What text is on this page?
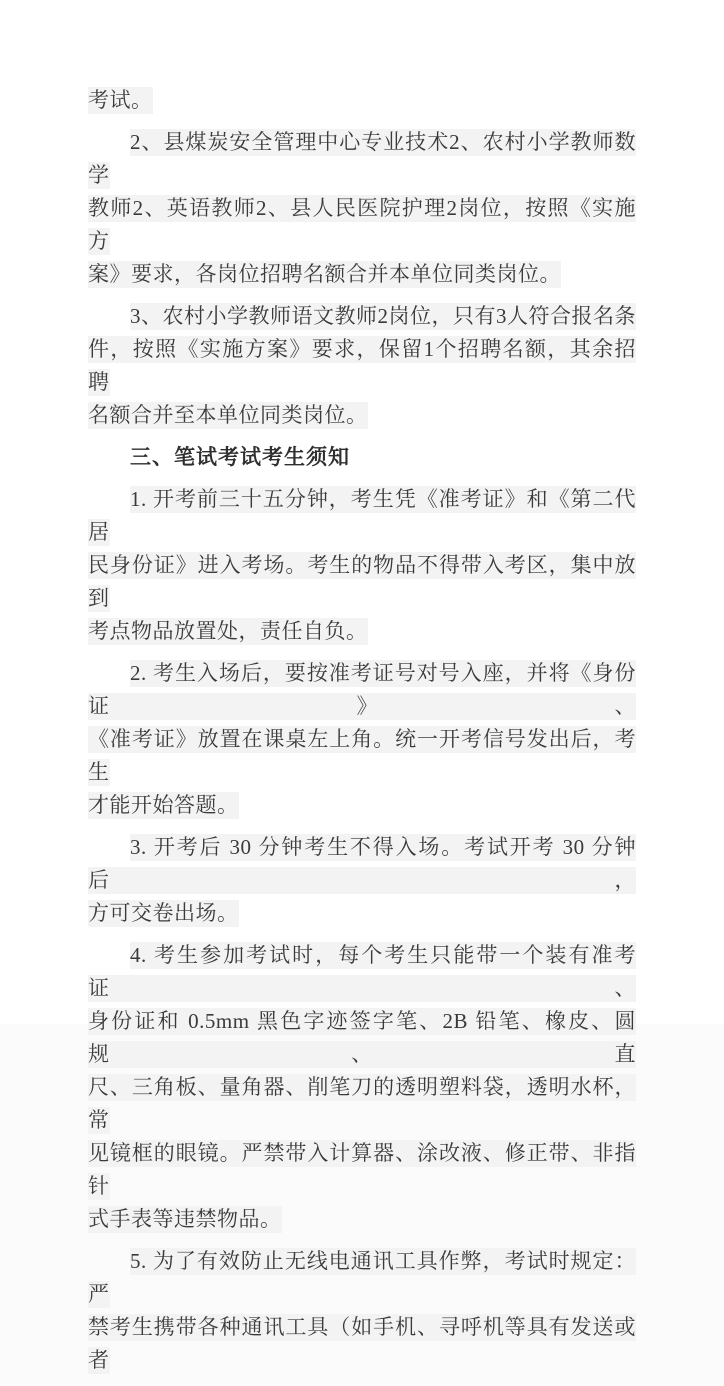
考试。
2、县煤炭安全管理中心专业技术2、农村小学教师数学
教师2、英语教师2、县人民医院护理2岗位，按照《实施方
案》要求，各岗位招聘名额合并本单位同类岗位。
3、农村小学教师语文教师2岗位，只有3人符合报名条
件，按照《实施方案》要求，保留1个招聘名额，其余招聘
名额合并至本单位同类岗位。
三、笔试考试考生须知
1. 开考前三十五分钟，考生凭《准考证》和《第二代居
民身份证》进入考场。考生的物品不得带入考区，集中放到
考点物品放置处，责任自负。
2. 考生入场后，要按准考证号对号入座，并将《身份证》、
《准考证》放置在课桌左上角。统一开考信号发出后，考生
才能开始答题。
3. 开考后 30 分钟考生不得入场。考试开考 30 分钟后，
方可交卷出场。
4. 考生参加考试时，每个考生只能带一个装有准考证、
身份证和 0.5mm 黑色字迹签字笔、2B 铅笔、橡皮、圆规、直
尺、三角板、量角器、削笔刀的透明塑料袋，透明水杯，常
见镜框的眼镜。严禁带入计算器、涂改液、修正带、非指针
式手表等违禁物品。
5. 为了有效防止无线电通讯工具作弊，考试时规定：严
禁考生携带各种通讯工具（如手机、寻呼机等具有发送或者
